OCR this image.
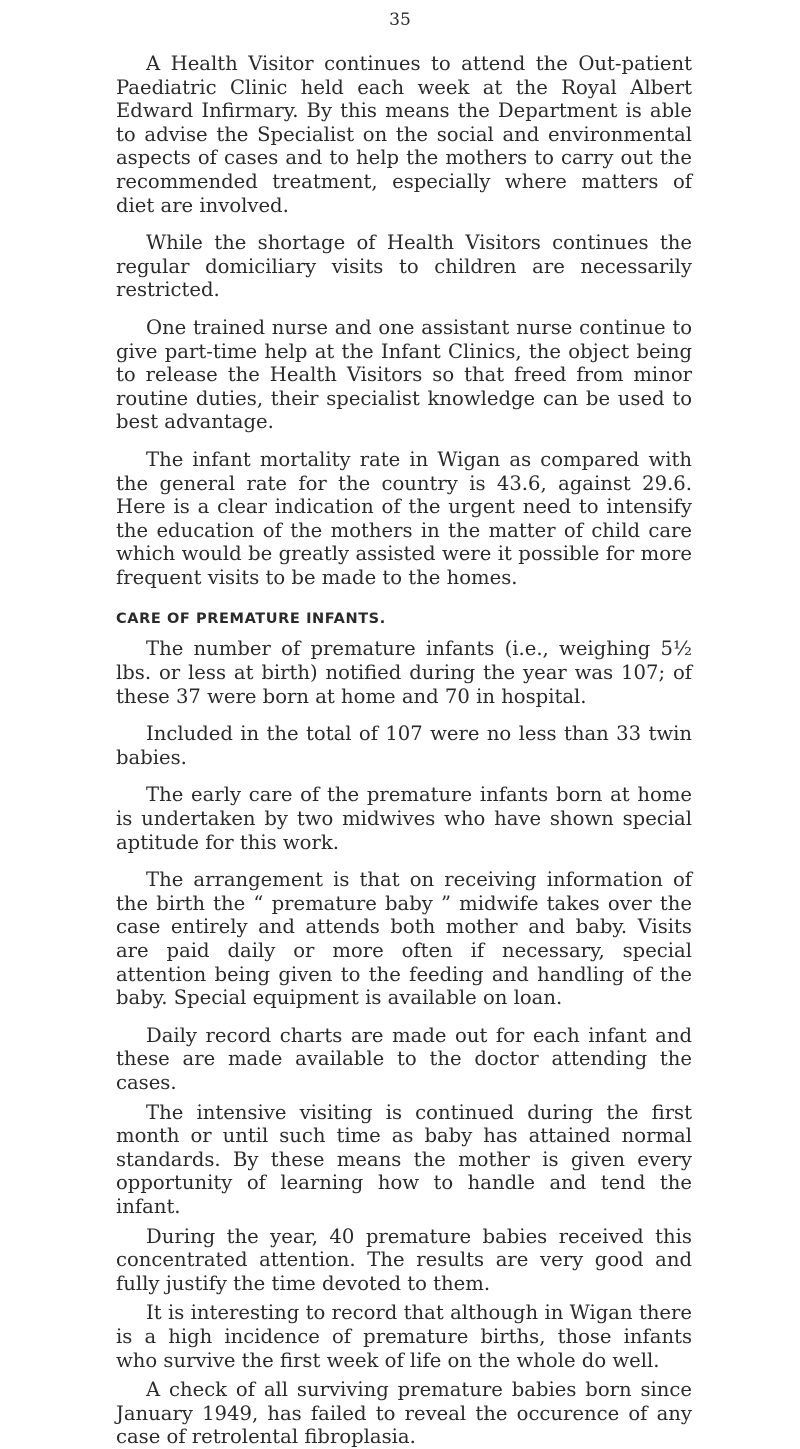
35

A Health Visitor continues to attend the Out-patient Paediatric Clinic held each week at the Royal Albert Edward Infirmary. By this means the Department is able to advise the Specialist on the social and environmental aspects of cases and to help the mothers to carry out the recommended treatment, especially where matters of diet are involved.

While the shortage of Health Visitors continues the regular domiciliary visits to children are necessarily restricted.

One trained nurse and one assistant nurse continue to give part-time help at the Infant Clinics, the object being to release the Health Visitors so that freed from minor routine duties, their specialist knowledge can be used to best advantage.

The infant mortality rate in Wigan as compared with the general rate for the country is 43.6, against 29.6. Here is a clear indication of the urgent need to intensify the education of the mothers in the matter of child care which would be greatly assisted were it possible for more frequent visits to be made to the homes.

CARE OF PREMATURE INFANTS.

The number of premature infants (i.e., weighing 5½ lbs. or less at birth) notified during the year was 107; of these 37 were born at home and 70 in hospital.

Included in the total of 107 were no less than 33 twin babies.

The early care of the premature infants born at home is undertaken by two midwives who have shown special aptitude for this work.

The arrangement is that on receiving information of the birth the “ premature baby ” midwife takes over the case entirely and attends both mother and baby. Visits are paid daily or more often if necessary, special attention being given to the feeding and handling of the baby. Special equipment is available on loan.

Daily record charts are made out for each infant and these are made available to the doctor attending the cases.

The intensive visiting is continued during the first month or until such time as baby has attained normal standards. By these means the mother is given every opportunity of learning how to handle and tend the infant.

During the year, 40 premature babies received this concentrated attention. The results are very good and fully justify the time devoted to them.

It is interesting to record that although in Wigan there is a high incidence of premature births, those infants who survive the first week of life on the whole do well.

A check of all surviving premature babies born since January 1949, has failed to reveal the occurence of any case of retrolental fibroplasia.
